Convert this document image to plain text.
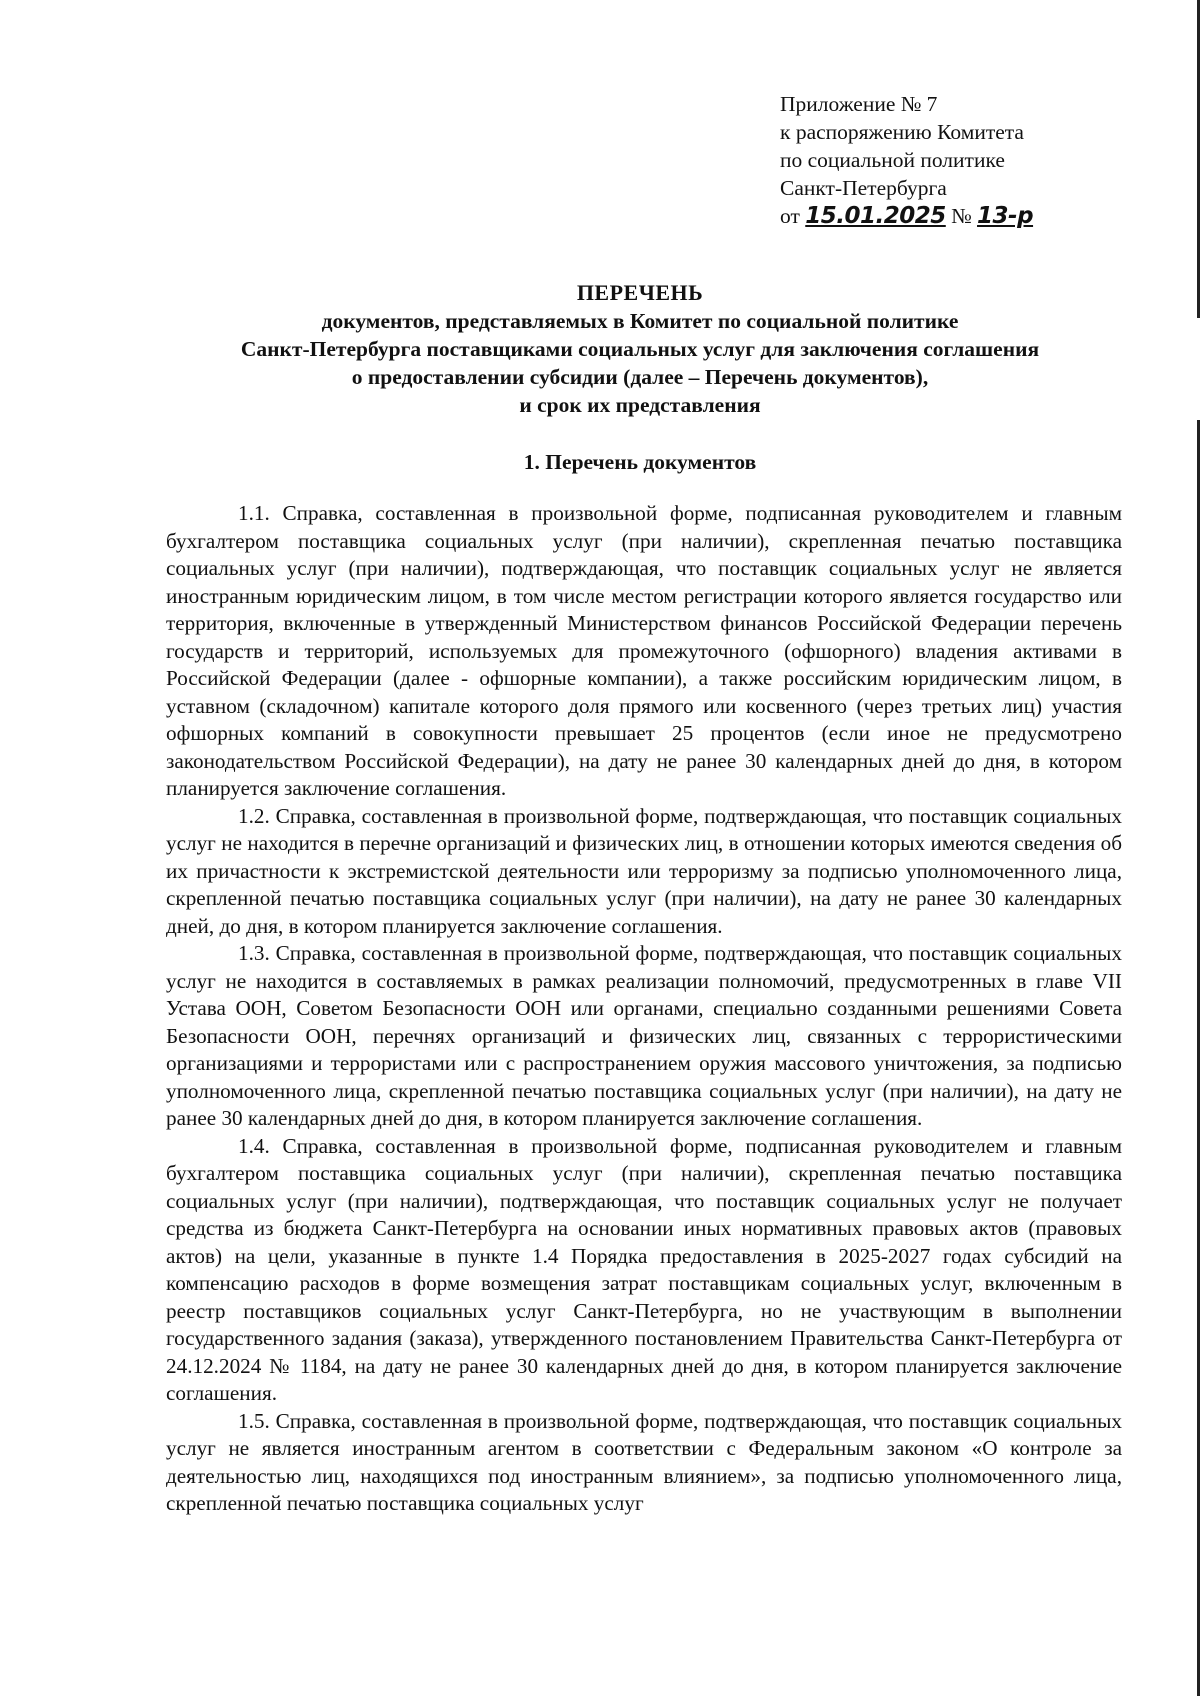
Приложение № 7
к распоряжению Комитета
по социальной политике
Санкт-Петербурга
от 15.01.2025 № 13-р
ПЕРЕЧЕНЬ
документов, представляемых в Комитет по социальной политике
Санкт-Петербурга поставщиками социальных услуг для заключения соглашения
о предоставлении субсидии (далее – Перечень документов),
и срок их представления
1. Перечень документов

1.1. Справка, составленная в произвольной форме, подписанная руководителем и главным бухгалтером поставщика социальных услуг (при наличии), скрепленная печатью поставщика социальных услуг (при наличии), подтверждающая, что поставщик социальных услуг не является иностранным юридическим лицом, в том числе местом регистрации которого является государство или территория, включенные в утвержденный Министерством финансов Российской Федерации перечень государств и территорий, используемых для промежуточного (офшорного) владения активами в Российской Федерации (далее - офшорные компании), а также российским юридическим лицом, в уставном (складочном) капитале которого доля прямого или косвенного (через третьих лиц) участия офшорных компаний в совокупности превышает 25 процентов (если иное не предусмотрено законодательством Российской Федерации), на дату не ранее 30 календарных дней до дня, в котором планируется заключение соглашения.

1.2. Справка, составленная в произвольной форме, подтверждающая, что поставщик социальных услуг не находится в перечне организаций и физических лиц, в отношении которых имеются сведения об их причастности к экстремистской деятельности или терроризму за подписью уполномоченного лица, скрепленной печатью поставщика социальных услуг (при наличии), на дату не ранее 30 календарных дней, до дня, в котором планируется заключение соглашения.

1.3. Справка, составленная в произвольной форме, подтверждающая, что поставщик социальных услуг не находится в составляемых в рамках реализации полномочий, предусмотренных в главе VII Устава ООН, Советом Безопасности ООН или органами, специально созданными решениями Совета Безопасности ООН, перечнях организаций и физических лиц, связанных с террористическими организациями и террористами или с распространением оружия массового уничтожения, за подписью уполномоченного лица, скрепленной печатью поставщика социальных услуг (при наличии), на дату не ранее 30 календарных дней до дня, в котором планируется заключение соглашения.

1.4. Справка, составленная в произвольной форме, подписанная руководителем и главным бухгалтером поставщика социальных услуг (при наличии), скрепленная печатью поставщика социальных услуг (при наличии), подтверждающая, что поставщик социальных услуг не получает средства из бюджета Санкт-Петербурга на основании иных нормативных правовых актов (правовых актов) на цели, указанные в пункте 1.4 Порядка предоставления в 2025-2027 годах субсидий на компенсацию расходов в форме возмещения затрат поставщикам социальных услуг, включенным в реестр поставщиков социальных услуг Санкт-Петербурга, но не участвующим в выполнении государственного задания (заказа), утвержденного постановлением Правительства Санкт-Петербурга от 24.12.2024 № 1184, на дату не ранее 30 календарных дней до дня, в котором планируется заключение соглашения.

1.5. Справка, составленная в произвольной форме, подтверждающая, что поставщик социальных услуг не является иностранным агентом в соответствии с Федеральным законом «О контроле за деятельностью лиц, находящихся под иностранным влиянием», за подписью уполномоченного лица, скрепленной печатью поставщика социальных услуг
